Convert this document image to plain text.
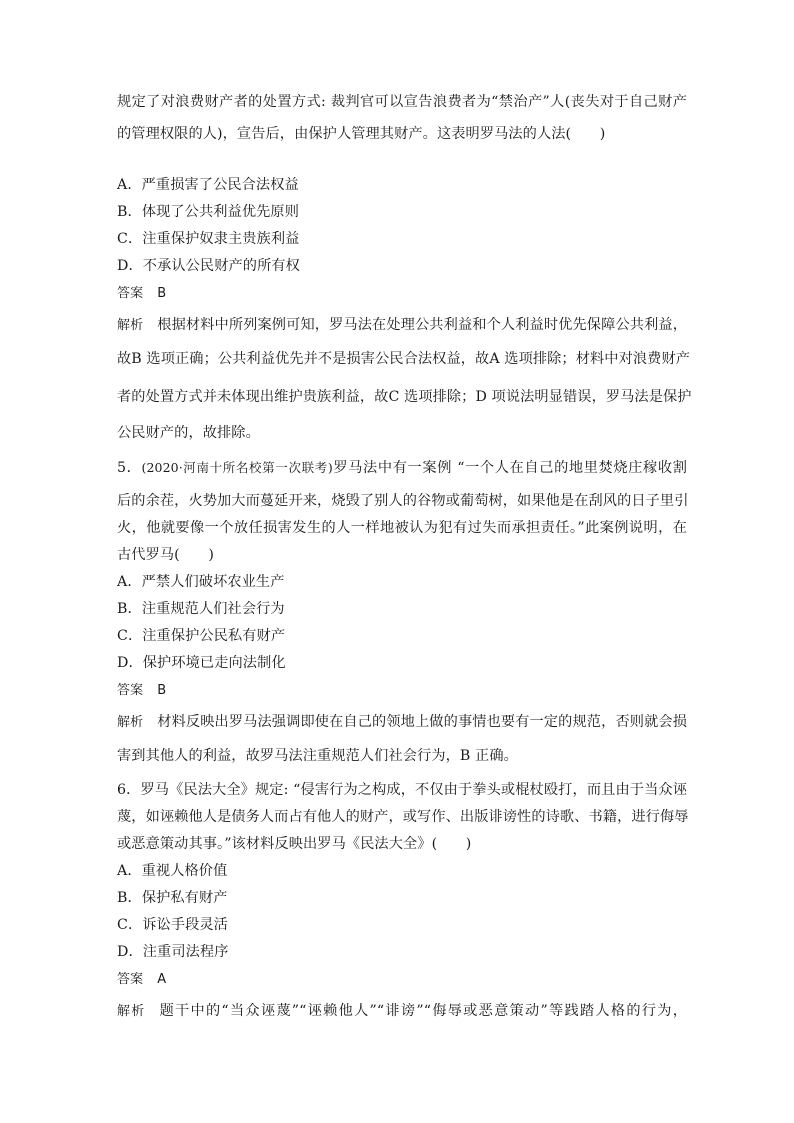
规定了对浪费财产者的处置方式: 裁判官可以宣告浪费者为“禁治产”人(丧失对于自己财产
的管理权限的人)，宣告后，由保护人管理其财产。这表明罗马法的人法(　　)
A．严重损害了公民合法权益
B．体现了公共利益优先原则
C．注重保护奴隶主贵族利益
D．不承认公民财产的所有权
答案 B
解析 根据材料中所列案例可知，罗马法在处理公共利益和个人利益时优先保障公共利益，
故B 选项正确；公共利益优先并不是损害公民合法权益，故A 选项排除；材料中对浪费财产
者的处置方式并未体现出维护贵族利益，故C 选项排除；D 项说法明显错误，罗马法是保护
公民财产的，故排除。
5．(2020·河南十所名校第一次联考)罗马法中有一案例 “一个人在自己的地里焚烧庄稼收割
后的余茬，火势加大而蔓延开来，烧毁了别人的谷物或葡萄树，如果他是在刮风的日子里引
火，他就要像一个放任损害发生的人一样地被认为犯有过失而承担责任。”此案例说明，在
古代罗马(　　)
A．严禁人们破坏农业生产
B．注重规范人们社会行为
C．注重保护公民私有财产
D．保护环境已走向法制化
答案 B
解析 材料反映出罗马法强调即使在自己的领地上做的事情也要有一定的规范，否则就会损
害到其他人的利益，故罗马法注重规范人们社会行为，B 正确。
6．罗马《民法大全》规定: “侵害行为之构成，不仅由于拳头或棍杖殴打，而且由于当众诬
蔑，如诬赖他人是债务人而占有他人的财产，或写作、出版诽谤性的诗歌、书籍，进行侮辱
或恶意策动其事。”该材料反映出罗马《民法大全》(　　)
A．重视人格价值
B．保护私有财产
C．诉讼手段灵活
D．注重司法程序
答案 A
解析 题干中的“当众诬蔑”“诬赖他人”“诽谤”“侮辱或恶意策动”等践踏人格的行为，
